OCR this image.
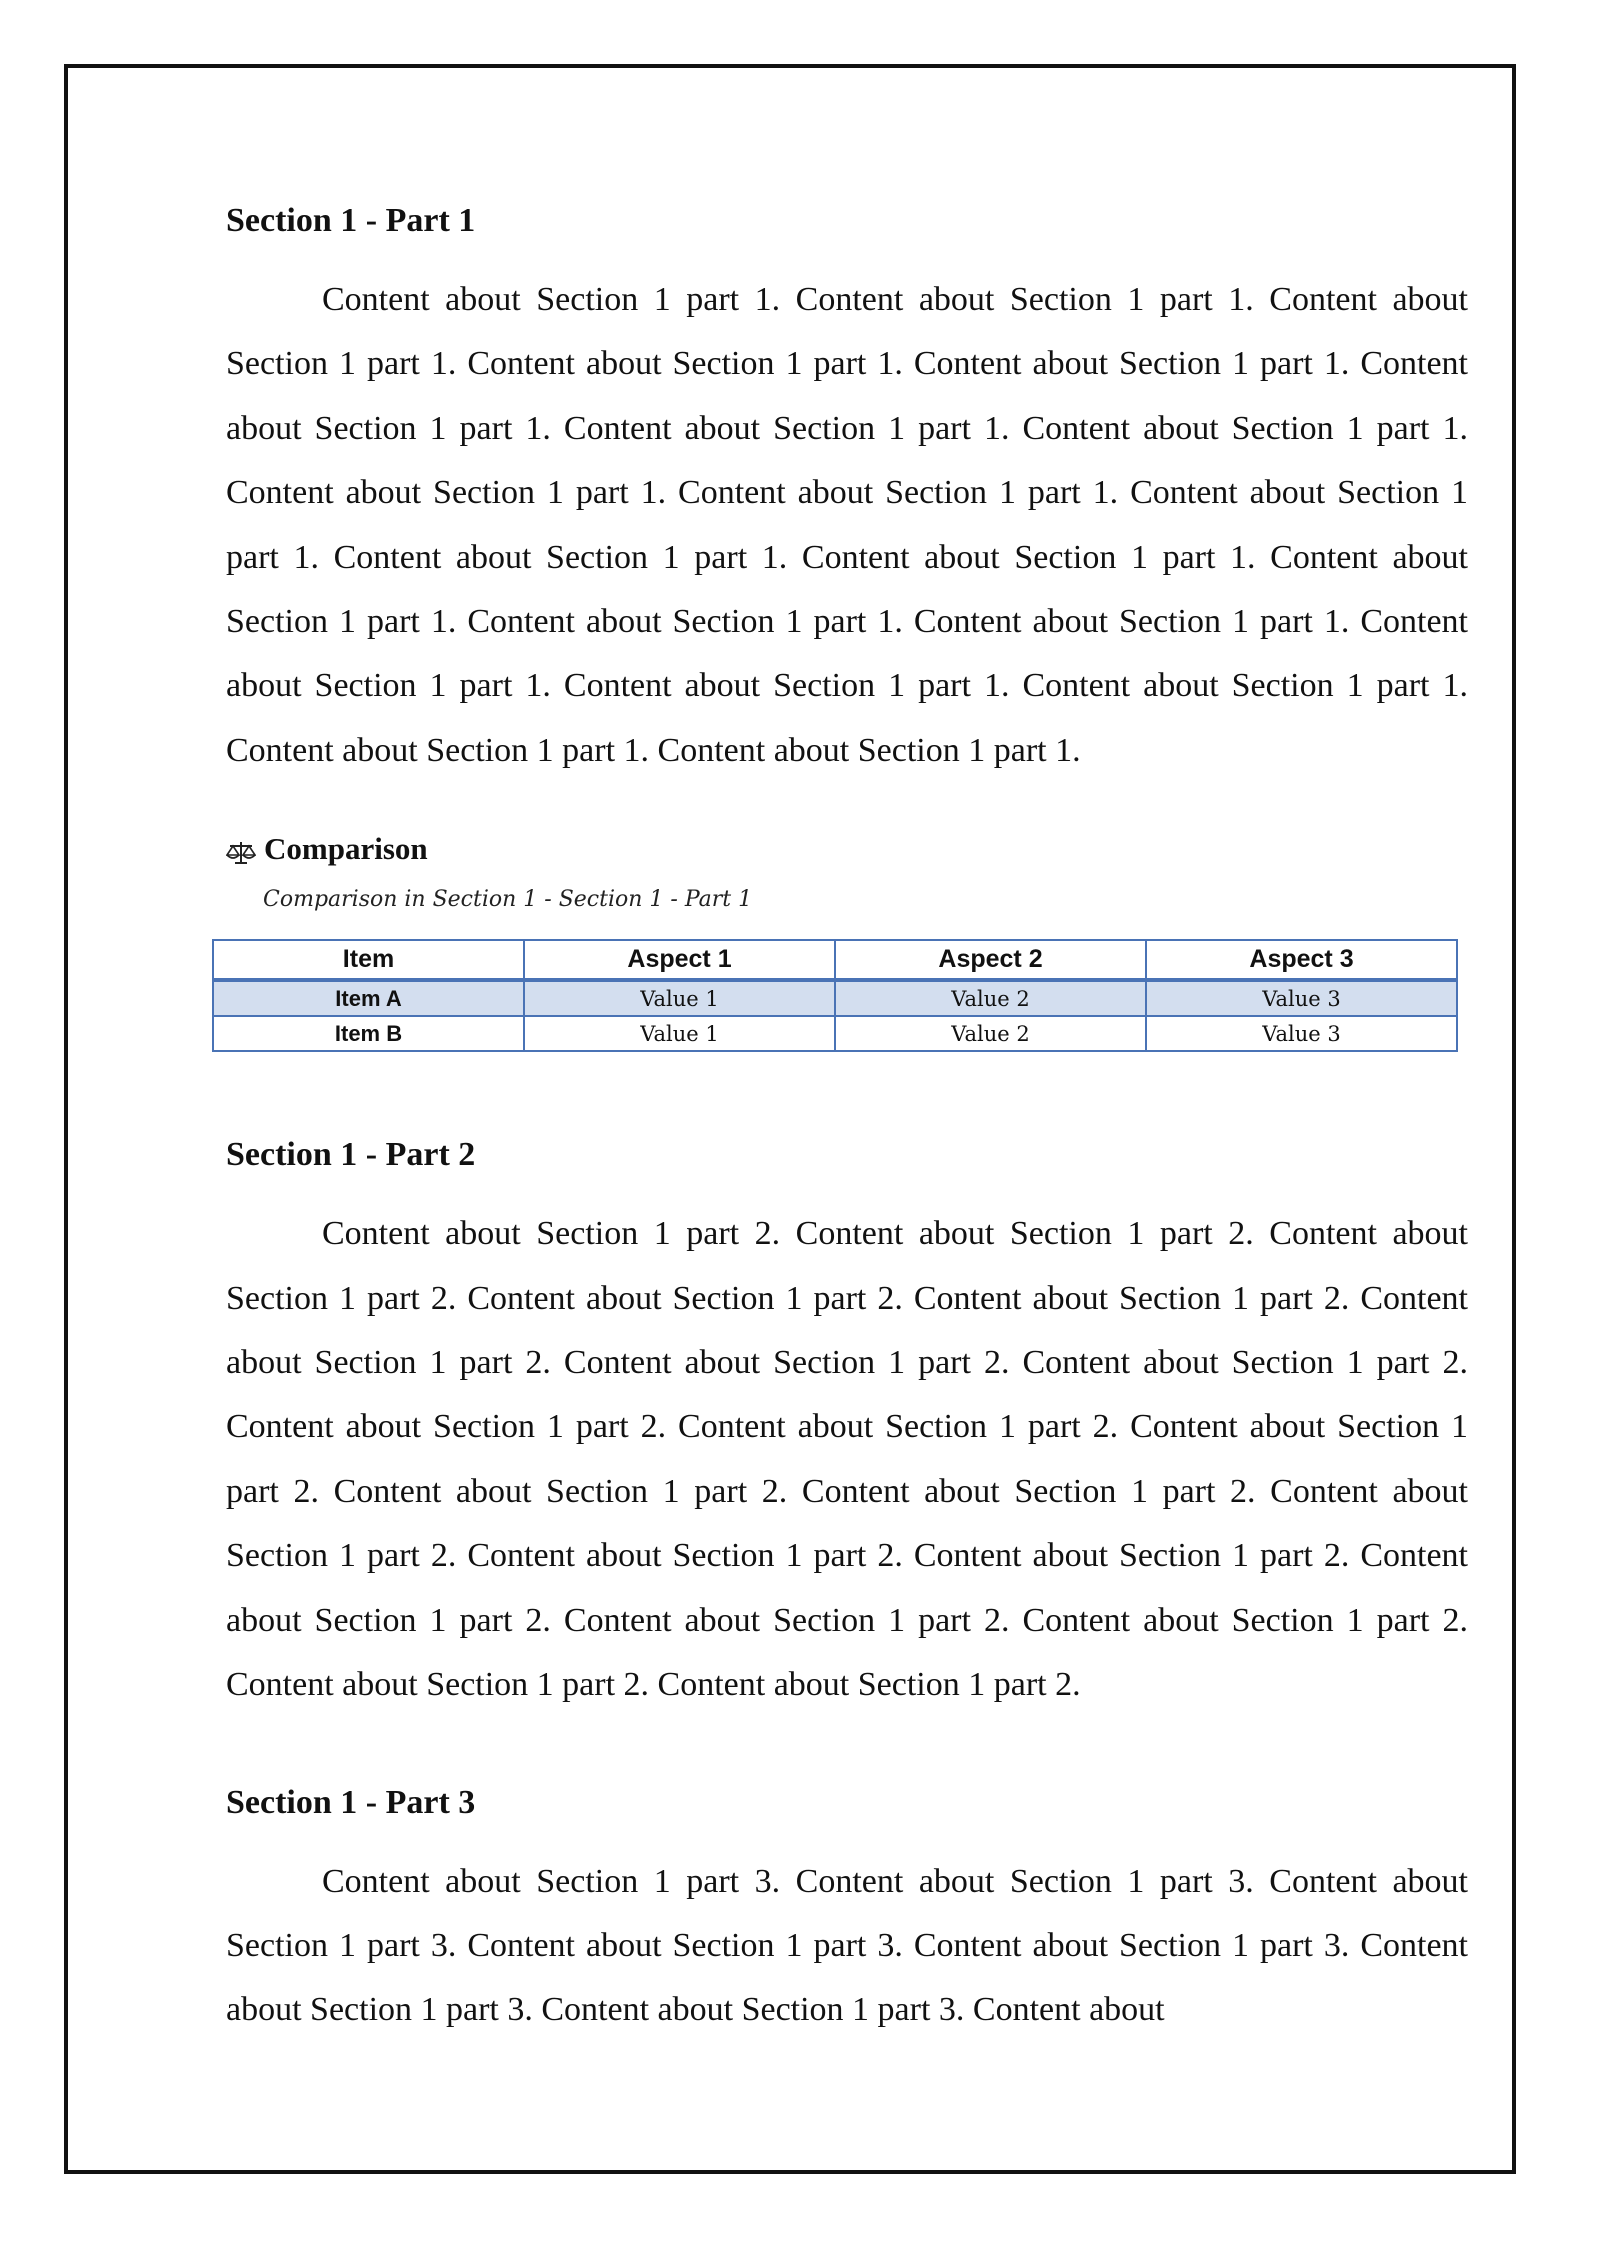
Section 1 - Part 1

Content about Section 1 part 1. Content about Section 1 part 1. Content about Section 1 part 1. Content about Section 1 part 1. Content about Section 1 part 1. Content about Section 1 part 1. Content about Section 1 part 1. Content about Section 1 part 1. Content about Section 1 part 1. Content about Section 1 part 1. Content about Section 1 part 1. Content about Section 1 part 1. Content about Section 1 part 1. Content about Section 1 part 1. Content about Section 1 part 1. Content about Section 1 part 1. Content about Section 1 part 1. Content about Section 1 part 1. Content about Section 1 part 1. Content about Section 1 part 1. Content about Section 1 part 1.

Comparison
Comparison in Section 1 - Section 1 - Part 1
Item	Aspect 1	Aspect 2	Aspect 3
Item A	Value 1	Value 2	Value 3
Item B	Value 1	Value 2	Value 3
Section 1 - Part 2

Content about Section 1 part 2. Content about Section 1 part 2. Content about Section 1 part 2. Content about Section 1 part 2. Content about Section 1 part 2. Content about Section 1 part 2. Content about Section 1 part 2. Content about Section 1 part 2. Content about Section 1 part 2. Content about Section 1 part 2. Content about Section 1 part 2. Content about Section 1 part 2. Content about Section 1 part 2. Content about Section 1 part 2. Content about Section 1 part 2. Content about Section 1 part 2. Content about Section 1 part 2. Content about Section 1 part 2. Content about Section 1 part 2. Content about Section 1 part 2. Content about Section 1 part 2.

Section 1 - Part 3

Content about Section 1 part 3. Content about Section 1 part 3. Content about Section 1 part 3. Content about Section 1 part 3. Content about Section 1 part 3. Content about Section 1 part 3. Content about Section 1 part 3. Content about
